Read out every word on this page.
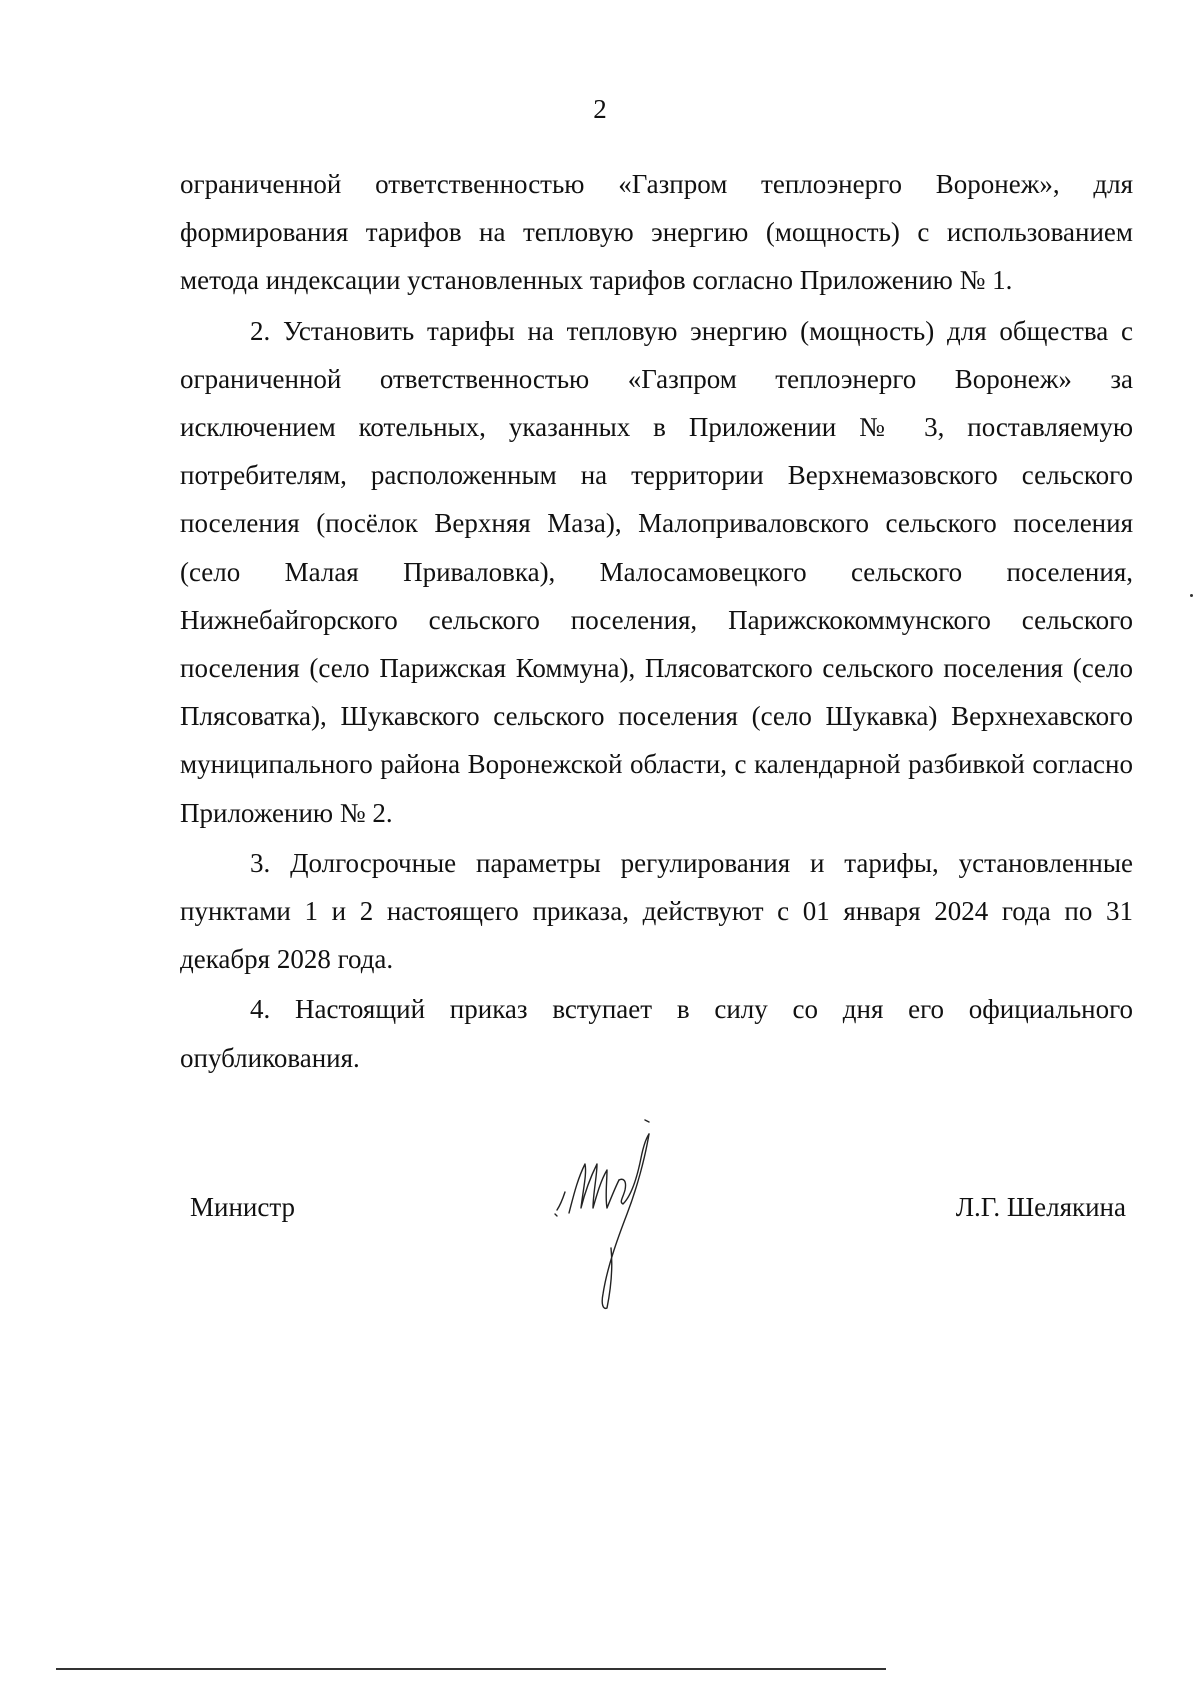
2

ограниченной ответственностью «Газпром теплоэнерго Воронеж», для формирования тарифов на тепловую энергию (мощность) с использованием метода индексации установленных тарифов согласно Приложению № 1.

2. Установить тарифы на тепловую энергию (мощность) для общества с ограниченной ответственностью «Газпром теплоэнерго Воронеж» за исключением котельных, указанных в Приложении № 3, поставляемую потребителям, расположенным на территории Верхнемазовского сельского поселения (посёлок Верхняя Маза), Малоприваловского сельского поселения (село Малая Приваловка), Малосамовецкого сельского поселения, Нижнебайгорского сельского поселения, Парижскокоммунского сельского поселения (село Парижская Коммуна), Плясоватского сельского поселения (село Плясоватка), Шукавского сельского поселения (село Шукавка) Верхнехавского муниципального района Воронежской области, с календарной разбивкой согласно Приложению № 2.

3. Долгосрочные параметры регулирования и тарифы, установленные пунктами 1 и 2 настоящего приказа, действуют с 01 января 2024 года по 31 декабря 2028 года.

4. Настоящий приказ вступает в силу со дня его официального опубликования.

Министр	Л.Г. Шелякина
